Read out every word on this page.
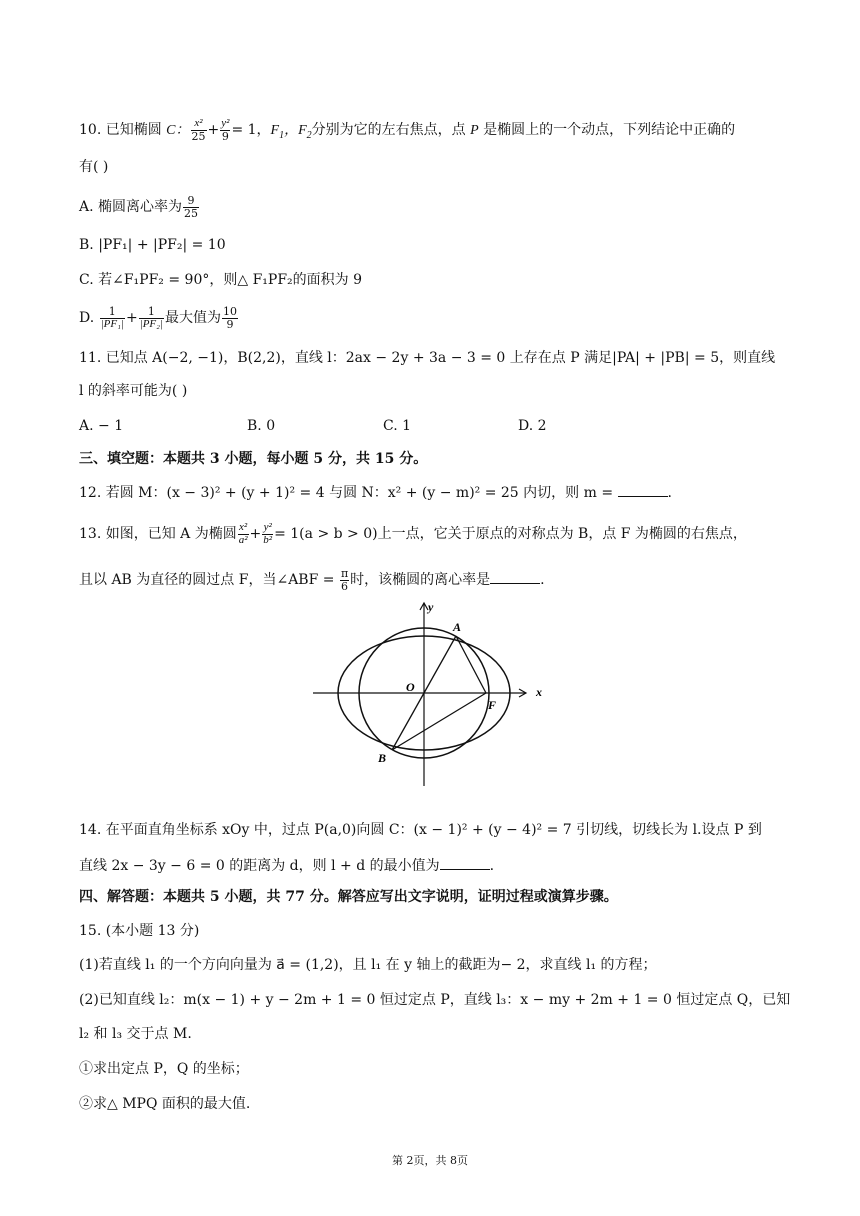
10. 已知椭圆 C： $\frac{\text{x²}}{25} + \frac{\text{y²}}{9} = 1$，$F_1$，$F_2$分别为它的左右焦点，点 P 是椭圆上的一个动点，下列结论中正确的
有( )
A. 椭圆离心率为 $\frac{9}{25}$
B. |PF₁| + |PF₂| = 10
C. 若∠F₁PF₂ = 90°，则△ F₁PF₂的面积为 9
D. $\frac{1}{\text{|PF₁|}} + \frac{1}{\text{|PF₂|}}$ 最大值为 $\frac{10}{9}$
11. 已知点 A(−2, −1)，B(2,2)，直线 l：2ax − 2y + 3a − 3 = 0 上存在点 P 满足|PA| + |PB| = 5，则直线
l 的斜率可能为( )
A. − 1	B. 0	C. 1	D. 2
三、填空题：本题共 3 小题，每小题 5 分，共 15 分。
12. 若圆 M：(x − 3)² + (y + 1)² = 4 与圆 N：x² + (y − m)² = 25 内切，则 m =	.
13. 如图，已知 A 为椭圆 $\frac{\text{x²}}{\text{a²}} + \frac{\text{y²}}{\text{b²}} = 1(a > b > 0)$上一点，它关于原点的对称点为 B，点 F 为椭圆的右焦点，
且以 AB 为直径的圆过点 F，当∠ABF = $\frac{\pi}{6}$ 时，该椭圆的离心率是	.
y
x
O
A
B
F
14. 在平面直角坐标系 xOy 中，过点 P(a,0)向圆 C：(x − 1)² + (y − 4)² = 7 引切线，切线长为 l.设点 P 到
直线 2x − 3y − 6 = 0 的距离为 d，则 l + d 的最小值为	.
四、解答题：本题共 5 小题，共 77 分。解答应写出文字说明，证明过程或演算步骤。
15. (本小题 13 分)
(1)若直线 l₁ 的一个方向向量为 a⃗ = (1,2)，且 l₁ 在 y 轴上的截距为− 2，求直线 l₁ 的方程；
(2)已知直线 l₂：m(x − 1) + y − 2m + 1 = 0 恒过定点 P，直线 l₃：x − my + 2m + 1 = 0 恒过定点 Q，已知
l₂ 和 l₃ 交于点 M.
①求出定点 P，Q 的坐标；
②求△ MPQ 面积的最大值.
第 2页，共 8页
